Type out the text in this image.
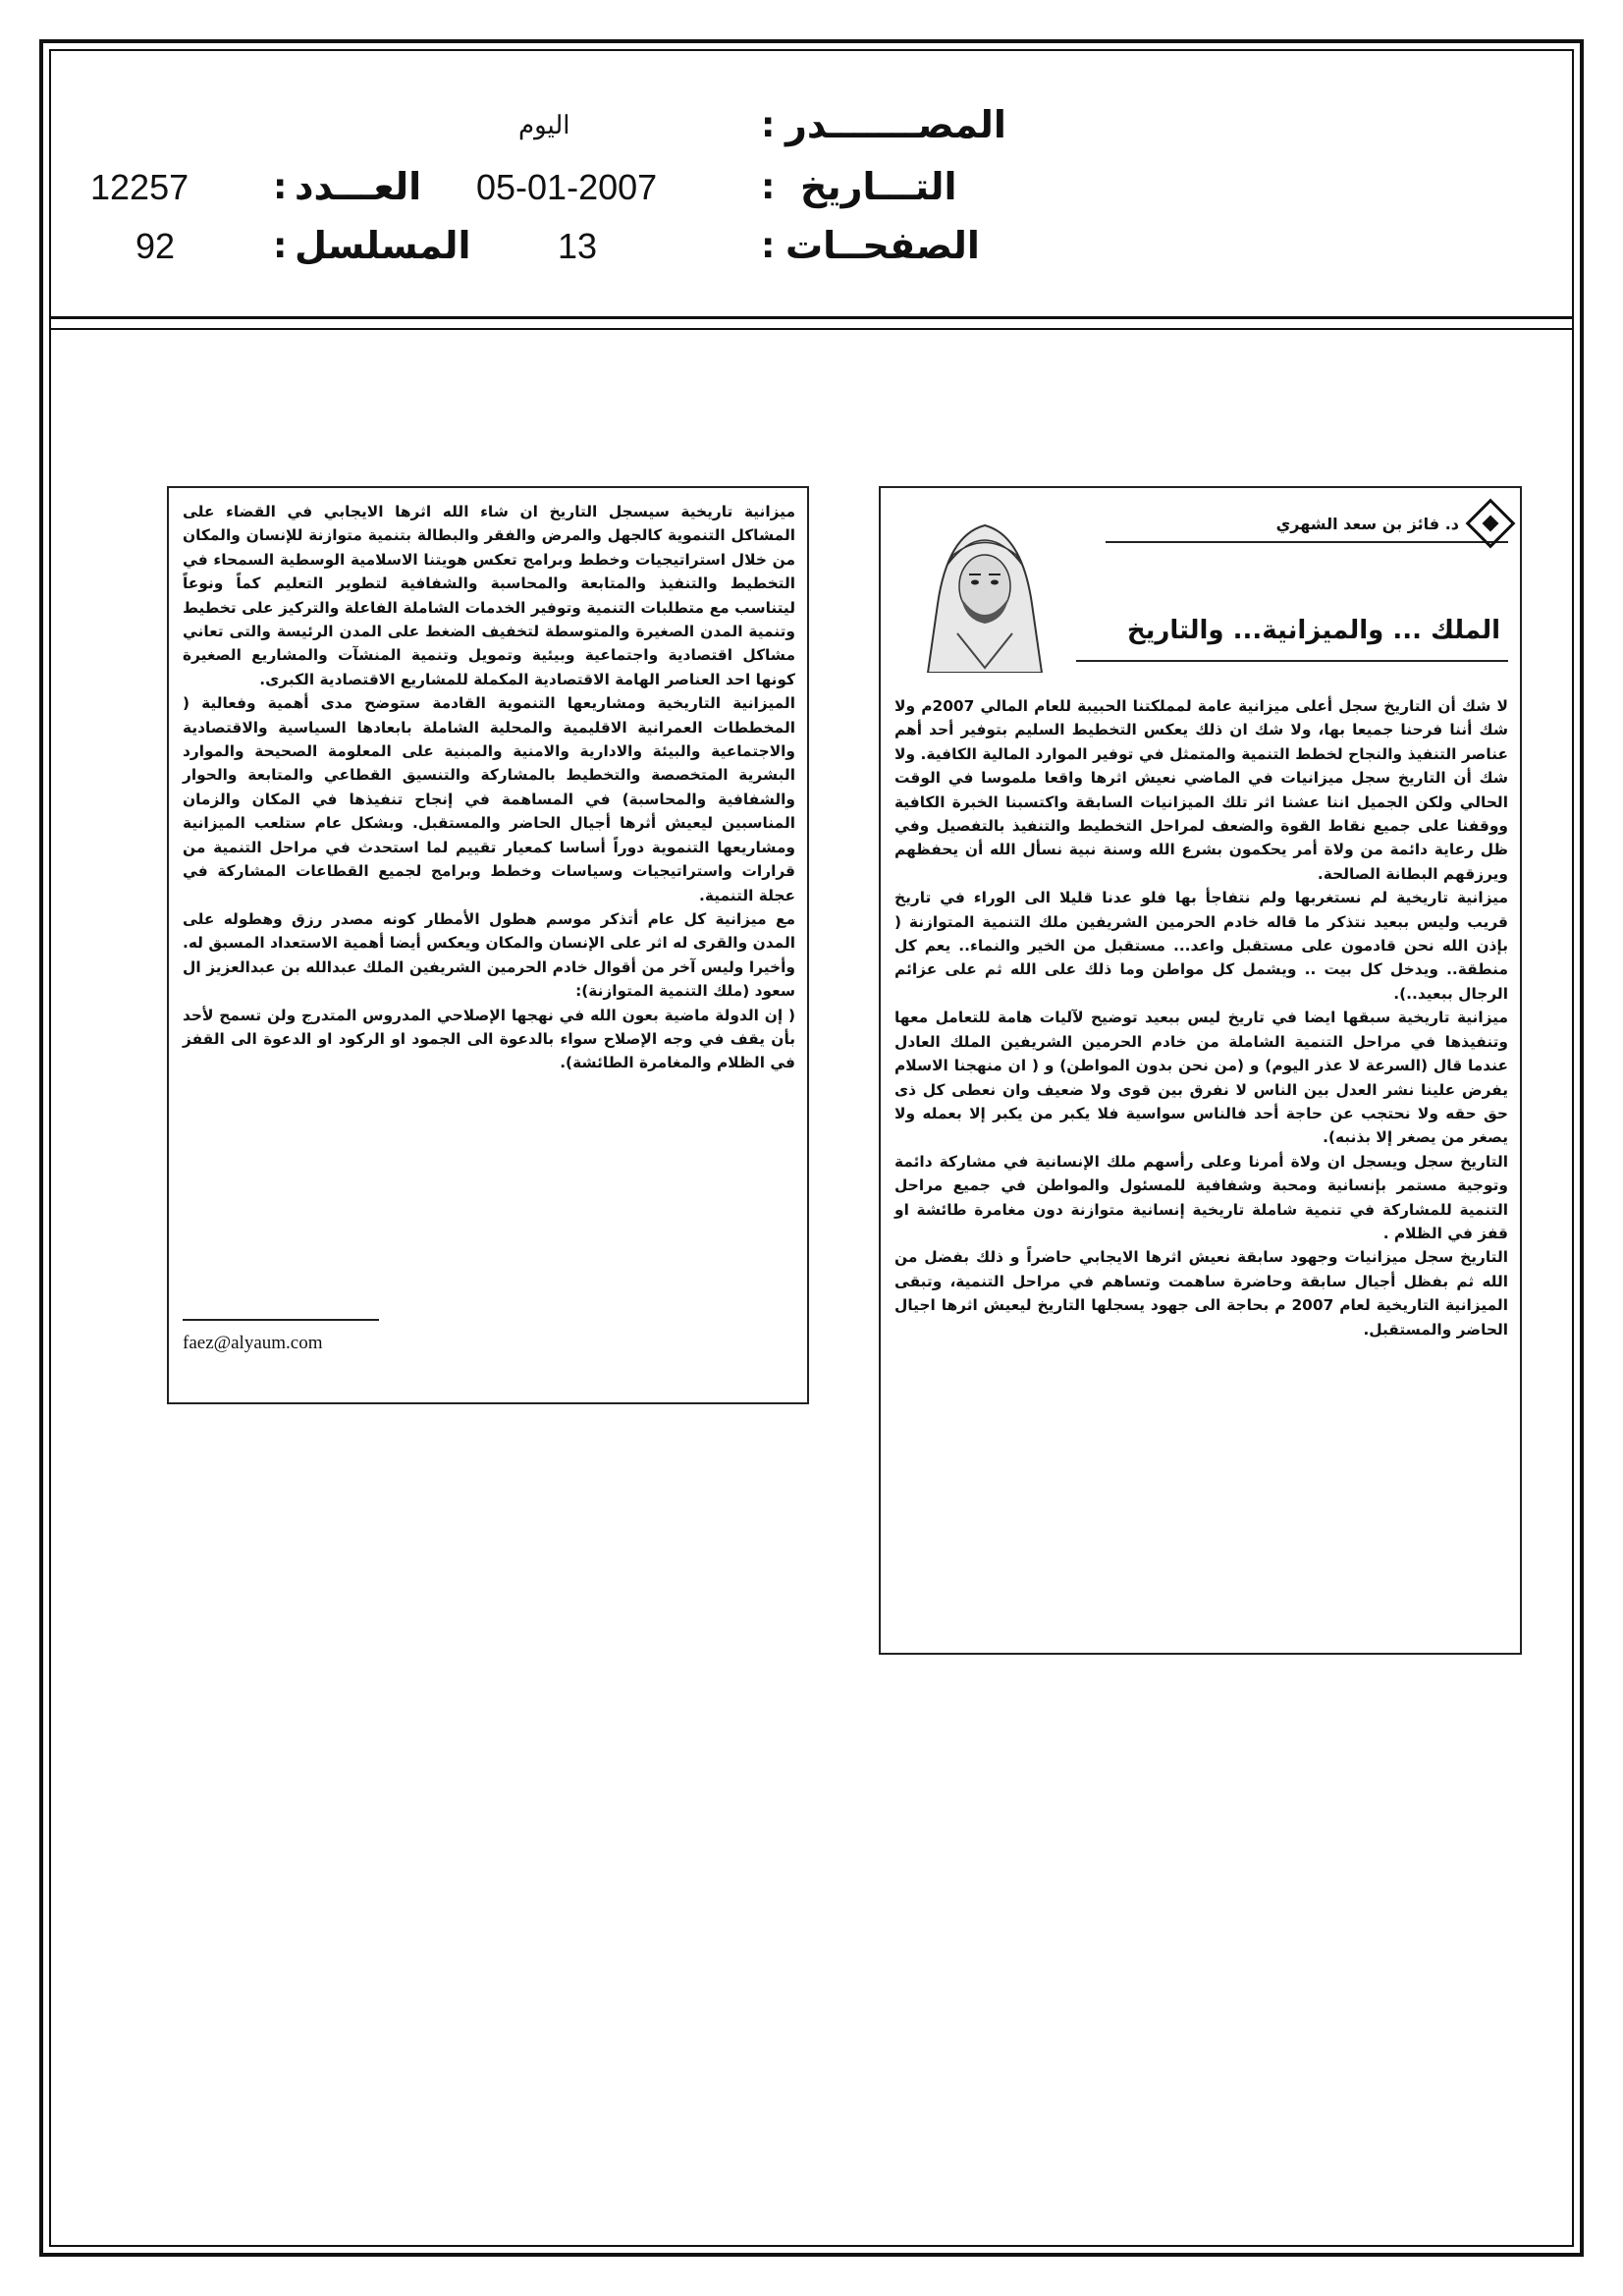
المصـــــــدر
:
اليوم
التـــاريخ
:
05-01-2007
العـــدد
:
12257
الصفحــات
:
13
المسلسل
:
92
د. فائز بن سعد الشهري
الملك ... والميزانية... والتاريخ

لا شك أن التاريخ سجل أعلى ميزانية عامة لمملكتنا الحبيبة للعام المالي 2007م ولا شك أننا فرحنا جميعا بها، ولا شك ان ذلك يعكس التخطيط السليم بتوفير أحد أهم عناصر التنفيذ والنجاح لخطط التنمية والمتمثل في توفير الموارد المالية الكافية. ولا شك أن التاريخ سجل ميزانيات في الماضي نعيش اثرها واقعا ملموسا في الوقت الحالي ولكن الجميل اننا عشنا اثر تلك الميزانيات السابقة واكتسبنا الخبرة الكافية ووقفنا على جميع نقاط القوة والضعف لمراحل التخطيط والتنفيذ بالتفصيل وفي ظل رعاية دائمة من ولاة أمر يحكمون بشرع الله وسنة نبية نسأل الله أن يحفظهم ويرزقهم البطانة الصالحة.

ميزانية تاريخية لم نستغربها ولم نتفاجأ بها فلو عدنا قليلا الى الوراء في تاريخ قريب وليس ببعيد نتذكر ما قاله خادم الحرمين الشريفين ملك التنمية المتوازنة ( بإذن الله نحن قادمون على مستقبل واعد... مستقبل من الخير والنماء.. يعم كل منطقة.. ويدخل كل بيت .. ويشمل كل مواطن وما ذلك على الله ثم على عزائم الرجال ببعيد..).

ميزانية تاريخية سبقها ايضا في تاريخ ليس ببعيد توضيح لآليات هامة للتعامل معها وتنفيذها في مراحل التنمية الشاملة من خادم الحرمين الشريفين الملك العادل عندما قال (السرعة لا عذر اليوم) و (من نحن بدون المواطن) و ( ان منهجنا الاسلام يفرض علينا نشر العدل بين الناس لا نفرق بين قوى ولا ضعيف وان نعطى كل ذى حق حقه ولا نحتجب عن حاجة أحد فالناس سواسية فلا يكبر من يكبر إلا بعمله ولا يصغر من يصغر إلا بذنبه).

التاريخ سجل ويسجل ان ولاة أمرنا وعلى رأسهم ملك الإنسانية في مشاركة دائمة وتوجية مستمر بإنسانية ومحبة وشفافية للمسئول والمواطن في جميع مراحل التنمية للمشاركة في تنمية شاملة تاريخية إنسانية متوازنة دون مغامرة طائشة او قفز في الظلام .

التاريخ سجل ميزانيات وجهود سابقة نعيش اثرها الايجابي حاضراً و ذلك بفضل من الله ثم بفظل أجيال سابقة وحاضرة ساهمت وتساهم في مراحل التنمية، وتبقى الميزانية التاريخية لعام 2007 م بحاجة الى جهود يسجلها التاريخ ليعيش اثرها اجيال الحاضر والمستقبل.

ميزانية تاريخية سيسجل التاريخ ان شاء الله اثرها الايجابي في القضاء على المشاكل التنموية كالجهل والمرض والفقر والبطالة بتنمية متوازنة للإنسان والمكان من خلال استراتيجيات وخطط وبرامج تعكس هويتنا الاسلامية الوسطية السمحاء في التخطيط والتنفيذ والمتابعة والمحاسبة والشفافية لتطوير التعليم كماً ونوعاً ليتناسب مع متطلبات التنمية وتوفير الخدمات الشاملة الفاعلة والتركيز على تخطيط وتنمية المدن الصغيرة والمتوسطة لتخفيف الضغط على المدن الرئيسة والتى تعاني مشاكل اقتصادية واجتماعية وبيئية وتمويل وتنمية المنشآت والمشاريع الصغيرة كونها احد العناصر الهامة الاقتصادية المكملة للمشاريع الاقتصادية الكبرى.

الميزانية التاريخية ومشاريعها التنموية القادمة ستوضح مدى أهمية وفعالية ( المخططات العمرانية الاقليمية والمحلية الشاملة بابعادها السياسية والاقتصادية والاجتماعية والبيئة والادارية والامنية والمبنية على المعلومة الصحيحة والموارد البشرية المتخصصة والتخطيط بالمشاركة والتنسيق القطاعي والمتابعة والحوار والشفافية والمحاسبة) في المساهمة في إنجاح تنفيذها في المكان والزمان المناسبين ليعيش أثرها أجيال الحاضر والمستقبل. وبشكل عام ستلعب الميزانية ومشاريعها التنموية دوراً أساسا كمعيار تقييم لما استحدث في مراحل التنمية من قرارات واستراتيجيات وسياسات وخطط وبرامج لجميع القطاعات المشاركة في عجلة التنمية.

مع ميزانية كل عام أتذكر موسم هطول الأمطار كونه مصدر رزق وهطوله على المدن والقرى له اثر على الإنسان والمكان ويعكس أيضا أهمية الاستعداد المسبق له. وأخيرا وليس آخر من أقوال خادم الحرمين الشريفين الملك عبدالله بن عبدالعزيز ال سعود (ملك التنمية المتوازنة):

( إن الدولة ماضية بعون الله في نهجها الإصلاحي المدروس المتدرج ولن تسمح لأحد بأن يقف في وجه الإصلاح سواء بالدعوة الى الجمود او الركود او الدعوة الى القفز في الظلام والمغامرة الطائشة).

faez@alyaum.com
